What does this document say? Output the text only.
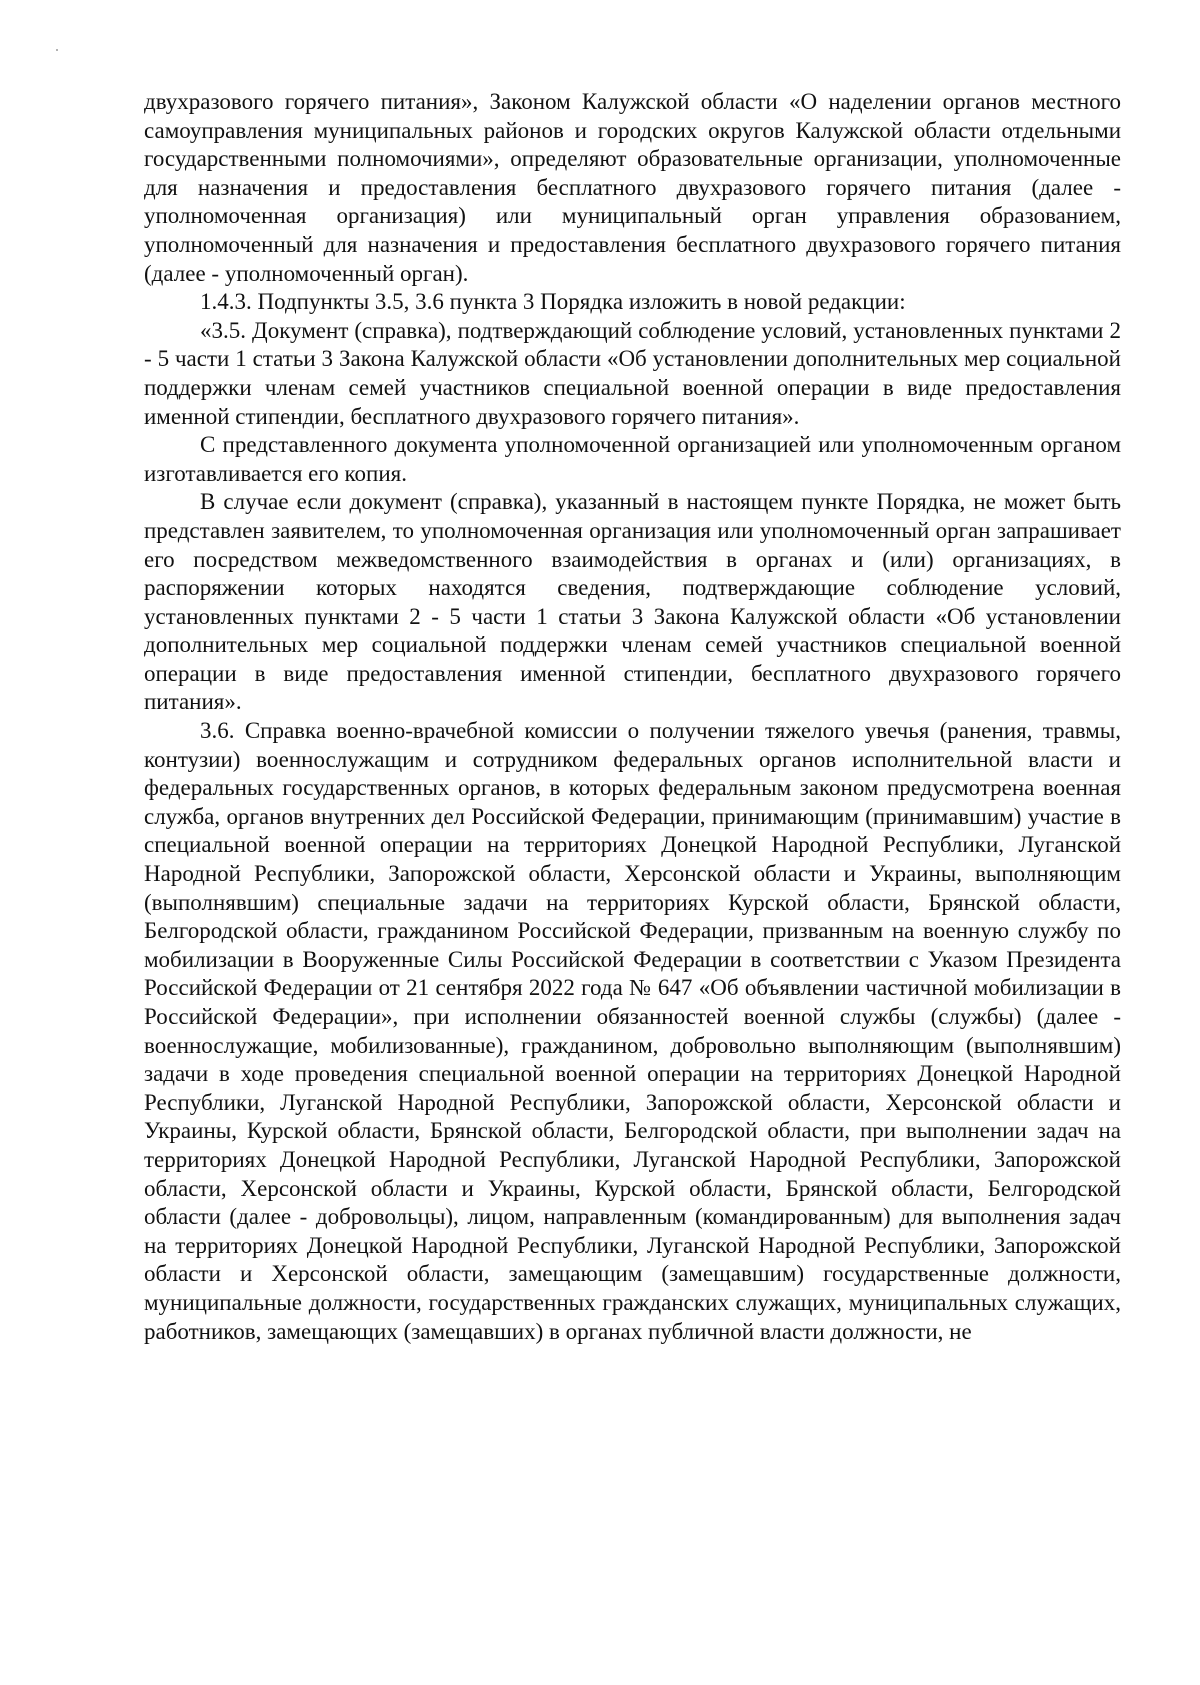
двухразового горячего питания», Законом Калужской области «О наделении органов местного самоуправления муниципальных районов и городских округов Калужской области отдельными государственными полномочиями», определяют образовательные организации, уполномоченные для назначения и предоставления бесплатного двухразового горячего питания (далее - уполномоченная организация) или муниципальный орган управления образованием, уполномоченный для назначения и предоставления бесплатного двухразового горячего питания (далее - уполномоченный орган).

1.4.3. Подпункты 3.5, 3.6 пункта 3 Порядка изложить в новой редакции:

«3.5. Документ (справка), подтверждающий соблюдение условий, установленных пунктами 2 - 5 части 1 статьи 3 Закона Калужской области «Об установлении дополнительных мер социальной поддержки членам семей участников специальной военной операции в виде предоставления именной стипендии, бесплатного двухразового горячего питания».

С представленного документа уполномоченной организацией или уполномоченным органом изготавливается его копия.

В случае если документ (справка), указанный в настоящем пункте Порядка, не может быть представлен заявителем, то уполномоченная организация или уполномоченный орган запрашивает его посредством межведомственного взаимодействия в органах и (или) организациях, в распоряжении которых находятся сведения, подтверждающие соблюдение условий, установленных пунктами 2 - 5 части 1 статьи 3 Закона Калужской области «Об установлении дополнительных мер социальной поддержки членам семей участников специальной военной операции в виде предоставления именной стипендии, бесплатного двухразового горячего питания».

3.6. Справка военно-врачебной комиссии о получении тяжелого увечья (ранения, травмы, контузии) военнослужащим и сотрудником федеральных органов исполнительной власти и федеральных государственных органов, в которых федеральным законом предусмотрена военная служба, органов внутренних дел Российской Федерации, принимающим (принимавшим) участие в специальной военной операции на территориях Донецкой Народной Республики, Луганской Народной Республики, Запорожской области, Херсонской области и Украины, выполняющим (выполнявшим) специальные задачи на территориях Курской области, Брянской области, Белгородской области, гражданином Российской Федерации, призванным на военную службу по мобилизации в Вооруженные Силы Российской Федерации в соответствии с Указом Президента Российской Федерации от 21 сентября 2022 года № 647 «Об объявлении частичной мобилизации в Российской Федерации», при исполнении обязанностей военной службы (службы) (далее - военнослужащие, мобилизованные), гражданином, добровольно выполняющим (выполнявшим) задачи в ходе проведения специальной военной операции на территориях Донецкой Народной Республики, Луганской Народной Республики, Запорожской области, Херсонской области и Украины, Курской области, Брянской области, Белгородской области, при выполнении задач на территориях Донецкой Народной Республики, Луганской Народной Республики, Запорожской области, Херсонской области и Украины, Курской области, Брянской области, Белгородской области (далее - добровольцы), лицом, направленным (командированным) для выполнения задач на территориях Донецкой Народной Республики, Луганской Народной Республики, Запорожской области и Херсонской области, замещающим (замещавшим) государственные должности, муниципальные должности, государственных гражданских служащих, муниципальных служащих, работников, замещающих (замещавших) в органах публичной власти должности, не
